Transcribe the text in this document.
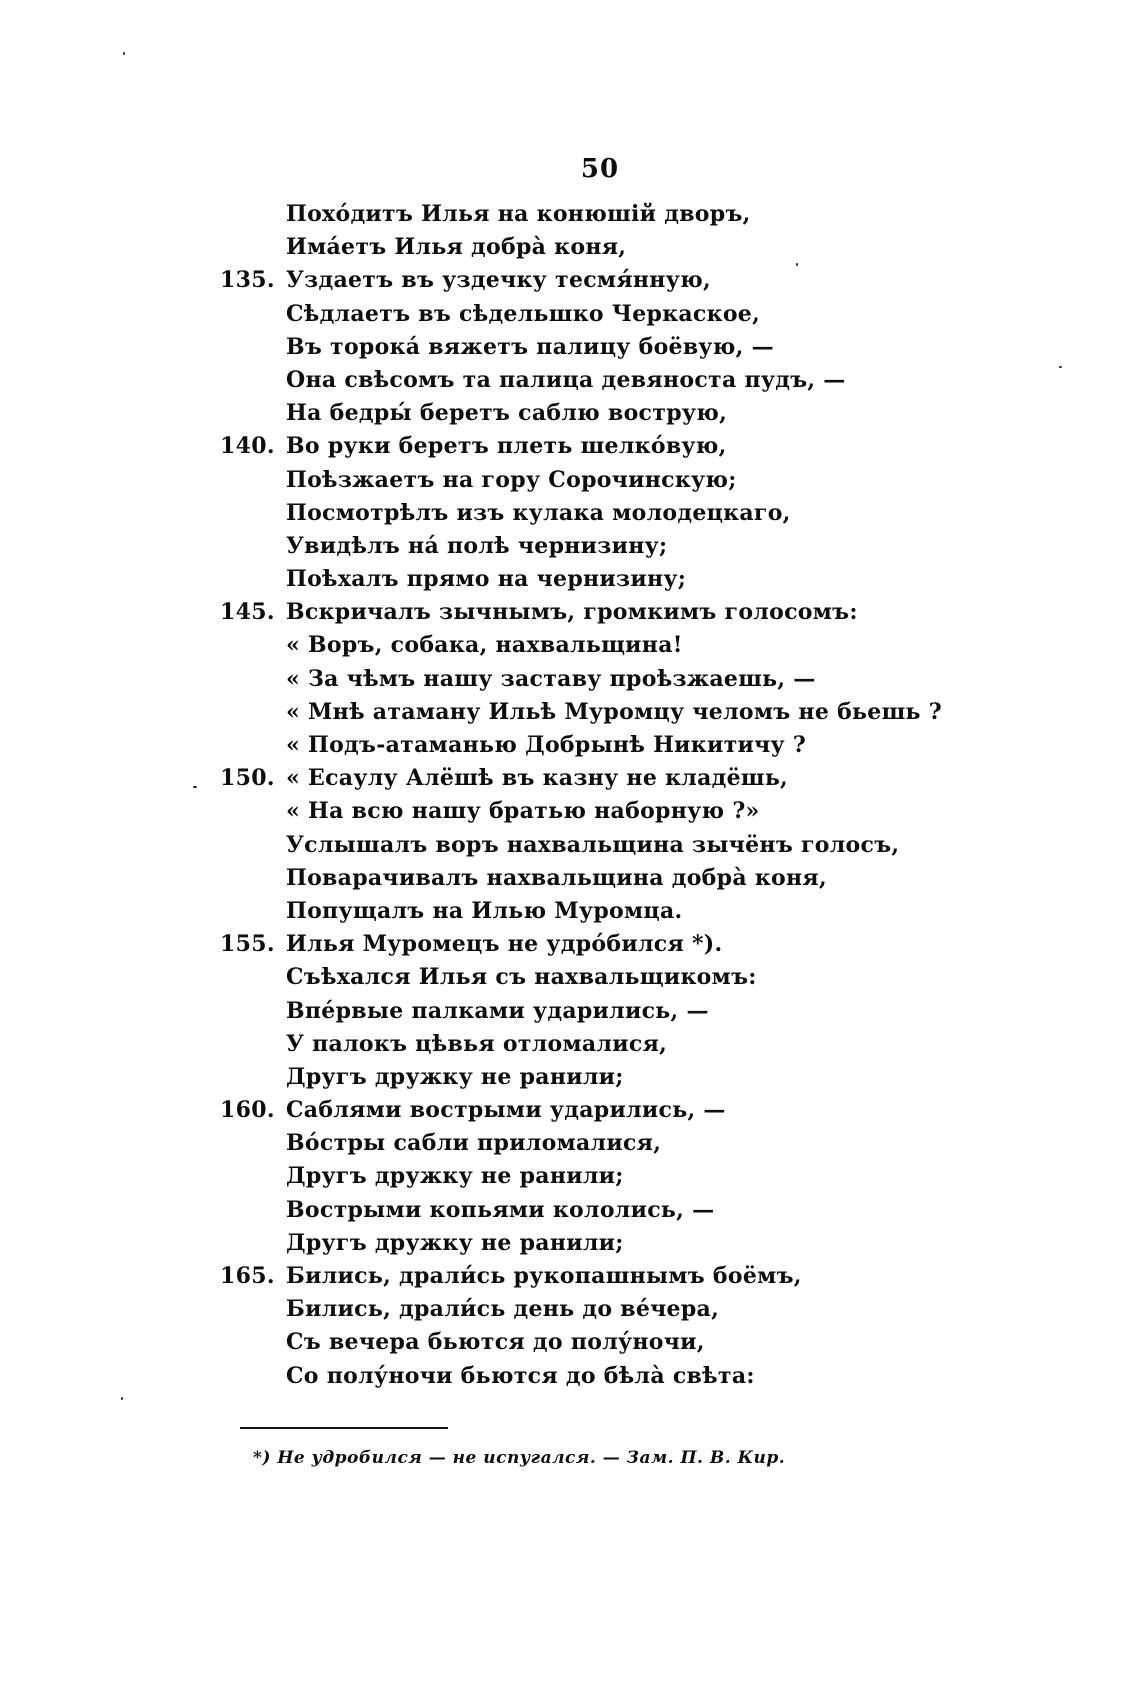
50
Похо́дитъ Илья на конюшій дворъ,
Има́етъ Илья добра̀ коня,
135. Уздаетъ въ уздечку тесмя́нную,
Сѣдлаетъ въ сѣдельшко Черкаское,
Въ торока́ вяжетъ палицу боёвую, —
Она свѣсомъ та палица девяноста пудъ, —
На бедры́ беретъ саблю вострую,
140. Во руки беретъ плеть шелко́вую,
Поѣзжаетъ на гору Сорочинскую;
Посмотрѣлъ изъ кулака молодецкаго,
Увидѣлъ на́ полѣ чернизину;
Поѣхалъ прямо на чернизину;
145. Вскричалъ зычнымъ, громкимъ голосомъ:
« Воръ, собака, нахвальщина!
« За чѣмъ нашу заставу проѣзжаешь, —
« Мнѣ атаману Ильѣ Муромцу челомъ не бьешь ?
« Подъ-атаманью Добрынѣ Никитичу ?
150. « Есаулу Алёшѣ въ казну не кладёшь,
« На всю нашу братью наборную ?»
Услышалъ воръ нахвальщина зычёнъ голосъ,
Поварачивалъ нахвальщина добра̀ коня,
Попущалъ на Илью Муромца.
155. Илья Муромецъ не удро́бился *).
Съѣхался Илья съ нахвальщикомъ:
Впе́рвые палками ударились, —
У палокъ цѣвья отломалися,
Другъ дружку не ранили;
160. Саблями вострыми ударились, —
Во́стры сабли приломалися,
Другъ дружку не ранили;
Вострыми копьями кололись, —
Другъ дружку не ранили;
165. Бились, драли́сь рукопашнымъ боёмъ,
Бились, драли́сь день до ве́чера,
Съ вечера бьются до полу́ночи,
Со полу́ночи бьются до бѣла̀ свѣта:
*) Не удробился — не испугался. — Зам. П. В. Кир.
